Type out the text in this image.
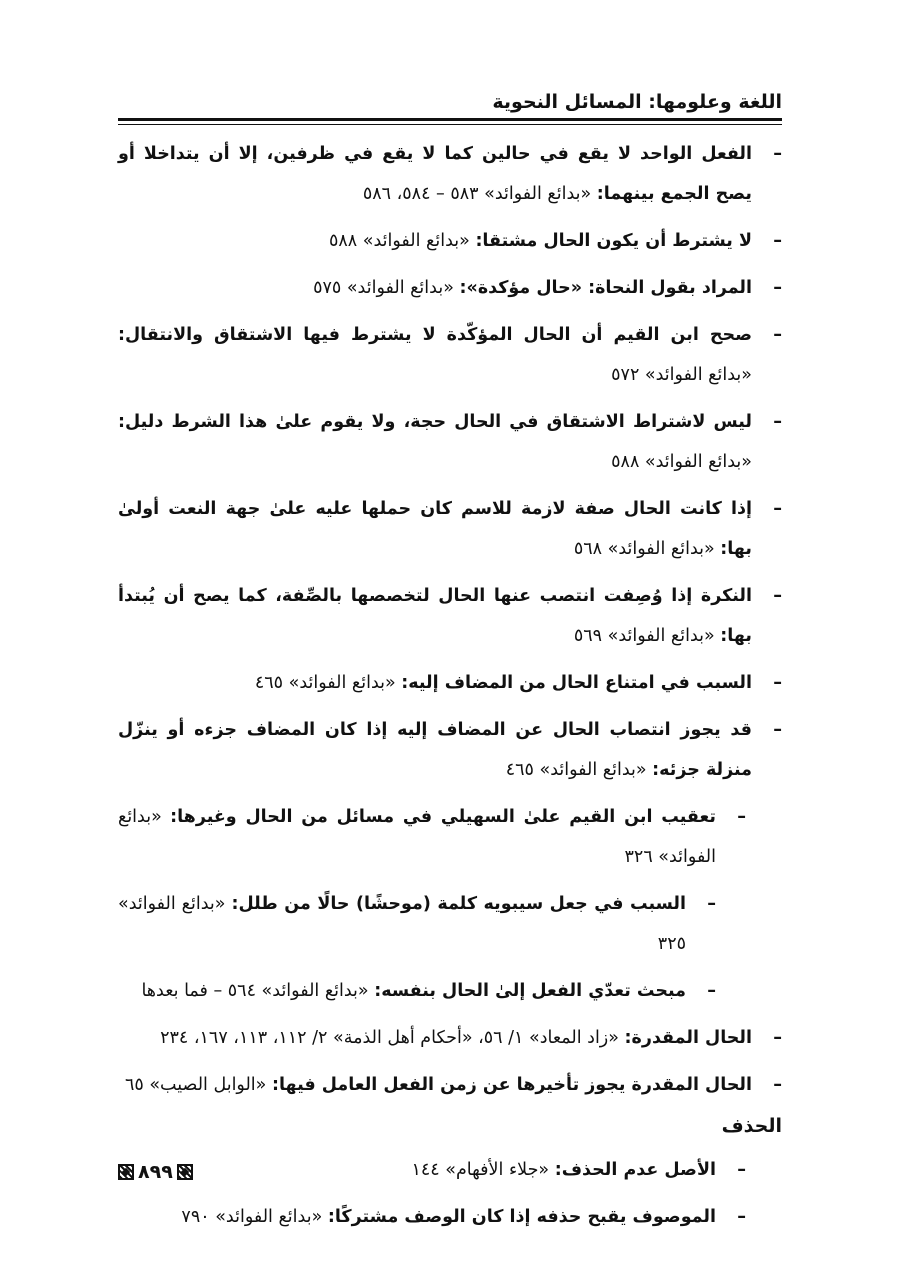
اللغة وعلومها: المسائل النحوية
–
الفعل الواحد لا يقع في حالين كما لا يقع في ظرفين، إلا أن يتداخلا أو يصح الجمع بينهما: «بدائع الفوائد» ٥٨٣ – ٥٨٤، ٥٨٦
–
لا يشترط أن يكون الحال مشتقا: «بدائع الفوائد» ٥٨٨
–
المراد بقول النحاة: «حال مؤكدة»: «بدائع الفوائد» ٥٧٥
–
صحح ابن القيم أن الحال المؤكّدة لا يشترط فيها الاشتقاق والانتقال: «بدائع الفوائد» ٥٧٢
–
ليس لاشتراط الاشتقاق في الحال حجة، ولا يقوم علىٰ هذا الشرط دليل: «بدائع الفوائد» ٥٨٨
–
إذا كانت الحال صفة لازمة للاسم كان حملها عليه علىٰ جهة النعت أولىٰ بها: «بدائع الفوائد» ٥٦٨
–
النكرة إذا وُصِفت انتصب عنها الحال لتخصصها بالصِّفة، كما يصح أن يُبتدأ بها: «بدائع الفوائد» ٥٦٩
–
السبب في امتناع الحال من المضاف إليه: «بدائع الفوائد» ٤٦٥
–
قد يجوز انتصاب الحال عن المضاف إليه إذا كان المضاف جزءه أو ينزّل منزلة جزئه: «بدائع الفوائد» ٤٦٥
–
تعقيب ابن القيم علىٰ السهيلي في مسائل من الحال وغيرها: «بدائع الفوائد» ٣٢٦
–
السبب في جعل سيبويه كلمة (موحشًا) حالًا من طلل: «بدائع الفوائد» ٣٢٥
–
مبحث تعدّي الفعل إلىٰ الحال بنفسه: «بدائع الفوائد» ٥٦٤ – فما بعدها
–
الحال المقدرة: «زاد المعاد» ١/ ٥٦، «أحكام أهل الذمة» ٢/ ١١٢، ١١٣، ١٦٧، ٢٣٤
–
الحال المقدرة يجوز تأخيرها عن زمن الفعل العامل فيها: «الوابل الصيب» ٦٥
الحذف
–
الأصل عدم الحذف: «جلاء الأفهام» ١٤٤
–
الموصوف يقبح حذفه إذا كان الوصف مشتركًا: «بدائع الفوائد» ٧٩٠
٨٩٩
